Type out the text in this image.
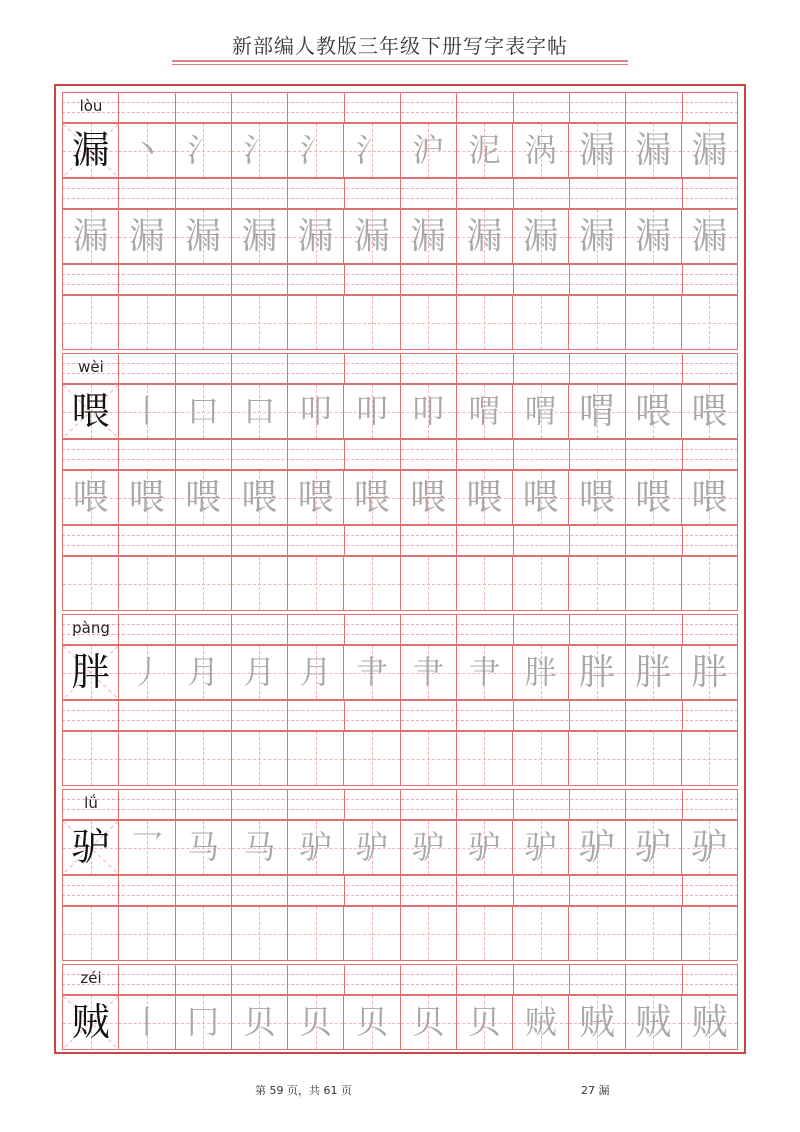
新部编人教版三年级下册写字表字帖
lòu
漏 丶 氵 氵 氵 氵 沪 泥 涡 漏 漏 漏
漏 漏 漏 漏 漏 漏 漏 漏 漏 漏 漏 漏
wèi
喂 丨 口 口 叩 叩 叩 喟 喟 喟 喂 喂
喂 喂 喂 喂 喂 喂 喂 喂 喂 喂 喂 喂
pàng
胖 丿 月 月 月 肀 肀 肀 胖 胖 胖 胖
lǘ
驴 乛 马 马 驴 驴 驴 驴 驴 驴 驴 驴
zéi
贼 丨 冂 贝 贝 贝 贝 贝 贼 贼 贼 贼
第 59 页，共 61 页	27 漏
